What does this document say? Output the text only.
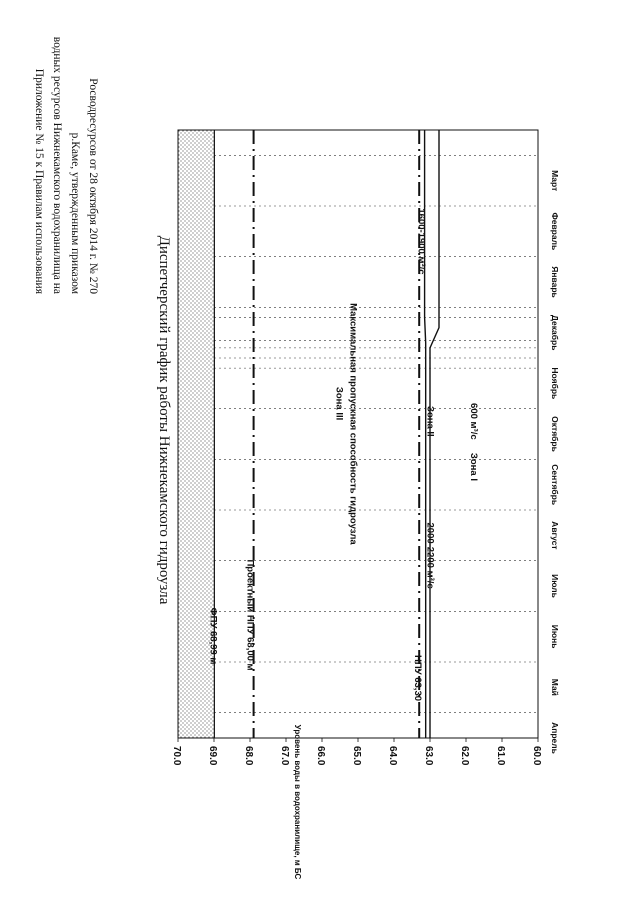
Приложение № 15 к Правилам использования водных ресурсов Нижнекамского водохранилища на р.Каме, утвержденным приказом Росводресурсов от 28 октября 2014 г. № 270
Диспетчерский график работы Нижнекамского гидроузла
Уровень воды в водохранилище, м БС	Апрель
Май
Июнь
Июль
Август
Сентябрь
Октябрь
Ноябрь
Декабрь
Январь
Февраль
Март
60.0
61.0
62.0
63.0
64.0
65.0
66.0
67.0
68.0
69.0
70.0
ФПУ 68,99 м	Проектный НПУ 68,00 м
НПУ 63,30
Зона III Максимальная пропускная способность гидроузла	Зона II
Зона I
600 м³/с
2000-2200 м³/с
1600-1900 м³/с
